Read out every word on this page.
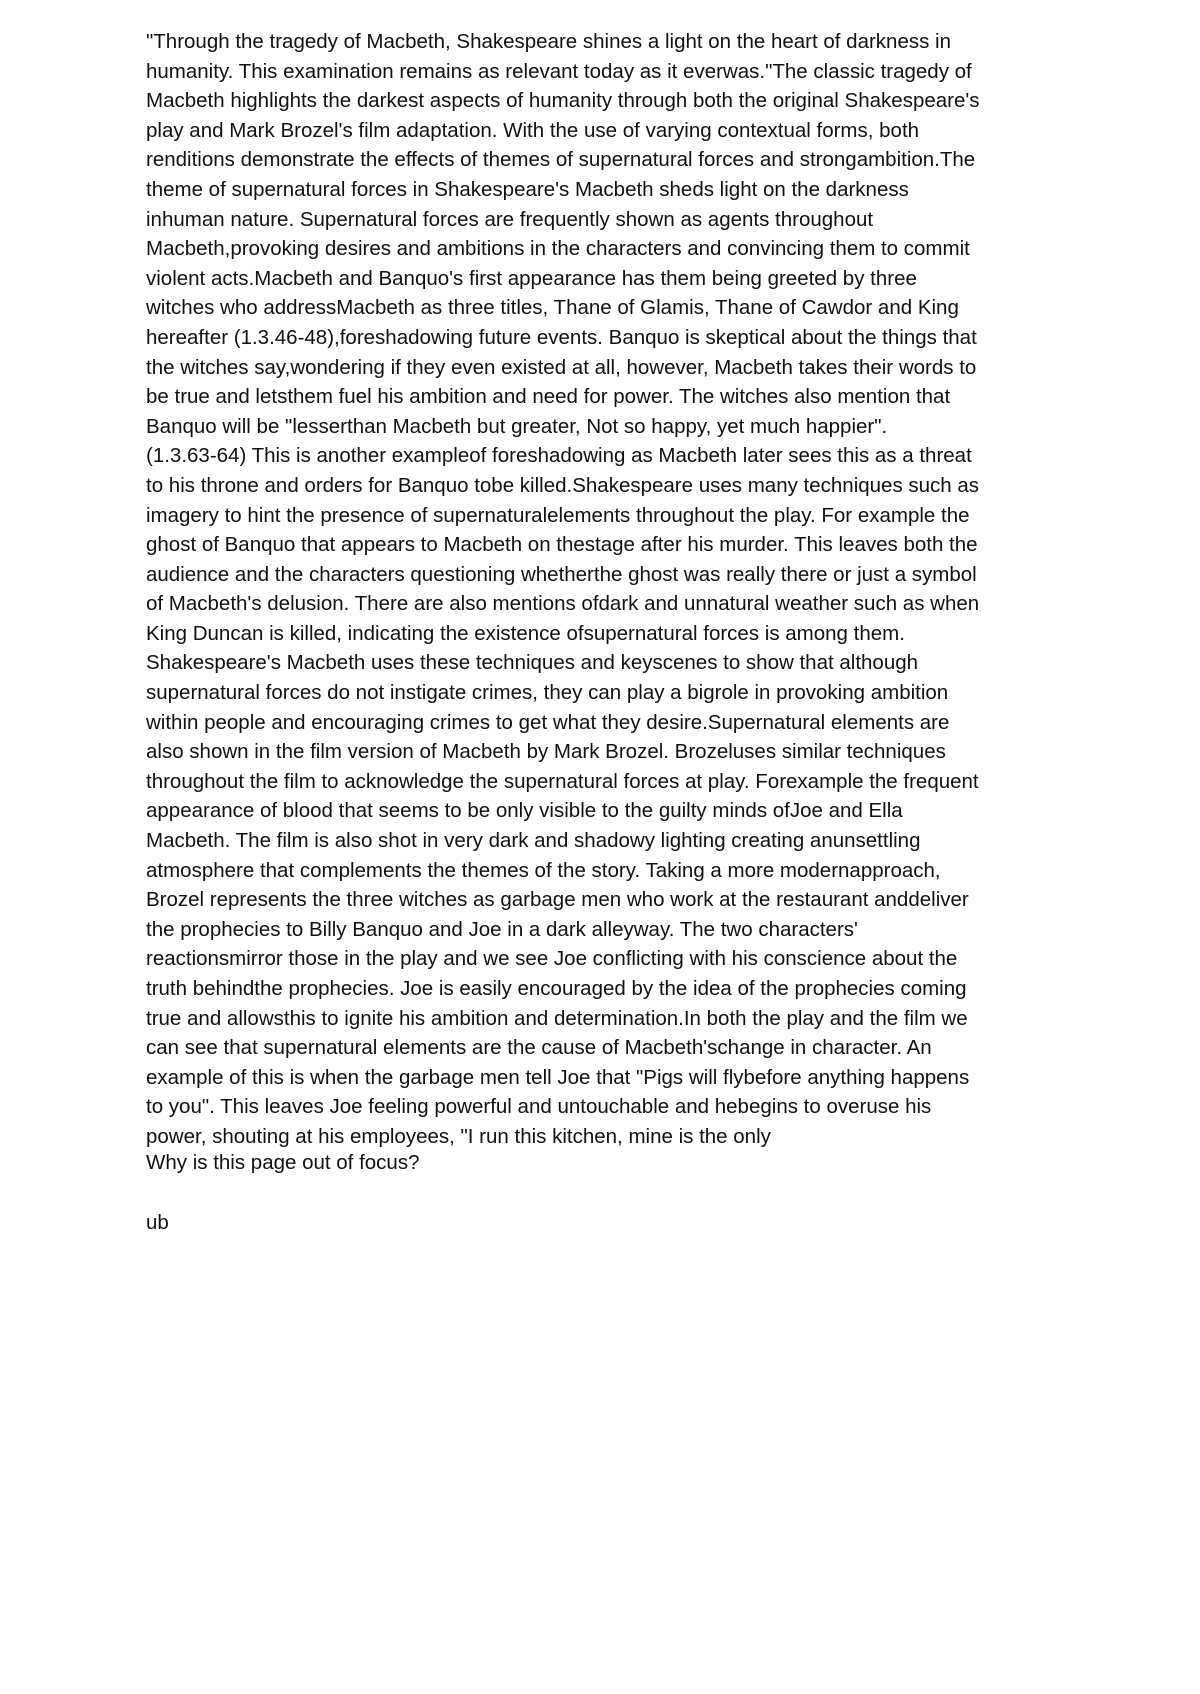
"Through the tragedy of Macbeth, Shakespeare shines a light on the heart of darkness in
humanity. This examination remains as relevant today as it everwas."The classic tragedy of
Macbeth highlights the darkest aspects of humanity through both the original Shakespeare's
play and Mark Brozel's film adaptation. With the use of varying contextual forms, both
renditions demonstrate the effects of themes of supernatural forces and strongambition.The
theme of supernatural forces in Shakespeare's Macbeth sheds light on the darkness
inhuman nature. Supernatural forces are frequently shown as agents throughout
Macbeth,provoking desires and ambitions in the characters and convincing them to commit
violent acts.Macbeth and Banquo's first appearance has them being greeted by three
witches who addressMacbeth as three titles, Thane of Glamis, Thane of Cawdor and King
hereafter (1.3.46-48),foreshadowing future events. Banquo is skeptical about the things that
the witches say,wondering if they even existed at all, however, Macbeth takes their words to
be true and letsthem fuel his ambition and need for power. The witches also mention that
Banquo will be "lesserthan Macbeth but greater, Not so happy, yet much happier".
(1.3.63-64) This is another exampleof foreshadowing as Macbeth later sees this as a threat
to his throne and orders for Banquo tobe killed.Shakespeare uses many techniques such as
imagery to hint the presence of supernaturalelements throughout the play. For example the
ghost of Banquo that appears to Macbeth on thestage after his murder. This leaves both the
audience and the characters questioning whetherthe ghost was really there or just a symbol
of Macbeth's delusion. There are also mentions ofdark and unnatural weather such as when
King Duncan is killed, indicating the existence ofsupernatural forces is among them.
Shakespeare's Macbeth uses these techniques and keyscenes to show that although
supernatural forces do not instigate crimes, they can play a bigrole in provoking ambition
within people and encouraging crimes to get what they desire.Supernatural elements are
also shown in the film version of Macbeth by Mark Brozel. Brozeluses similar techniques
throughout the film to acknowledge the supernatural forces at play. Forexample the frequent
appearance of blood that seems to be only visible to the guilty minds ofJoe and Ella
Macbeth. The film is also shot in very dark and shadowy lighting creating anunsettling
atmosphere that complements the themes of the story. Taking a more modernapproach,
Brozel represents the three witches as garbage men who work at the restaurant anddeliver
the prophecies to Billy Banquo and Joe in a dark alleyway. The two characters'
reactionsmirror those in the play and we see Joe conflicting with his conscience about the
truth behindthe prophecies. Joe is easily encouraged by the idea of the prophecies coming
true and allowsthis to ignite his ambition and determination.In both the play and the film we
can see that supernatural elements are the cause of Macbeth'schange in character. An
example of this is when the garbage men tell Joe that "Pigs will flybefore anything happens
to you". This leaves Joe feeling powerful and untouchable and hebegins to overuse his
power, shouting at his employees, "I run this kitchen, mine is the only

Why is this page out of focus?

ub
